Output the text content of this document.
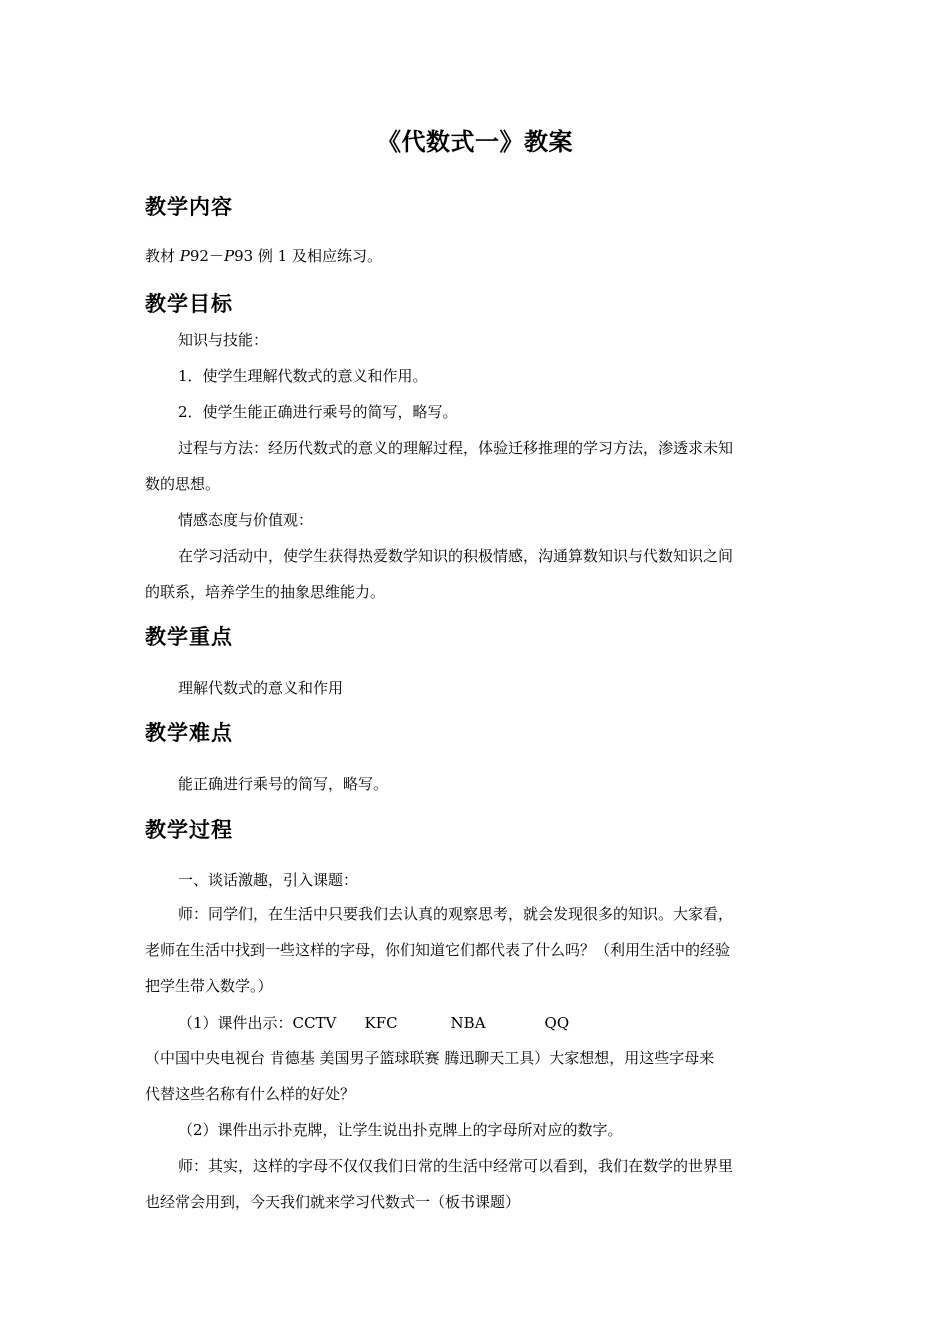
《代数式一》教案
教学内容
教材 P92－P93 例 1 及相应练习。
教学目标
知识与技能：
1．使学生理解代数式的意义和作用。
2．使学生能正确进行乘号的简写，略写。
过程与方法：经历代数式的意义的理解过程，体验迁移推理的学习方法，渗透求未知
数的思想。
情感态度与价值观：
在学习活动中，使学生获得热爱数学知识的积极情感，沟通算数知识与代数知识之间
的联系，培养学生的抽象思维能力。
教学重点
理解代数式的意义和作用
教学难点
能正确进行乘号的简写，略写。
教学过程
一、谈话激趣，引入课题：
师：同学们，在生活中只要我们去认真的观察思考，就会发现很多的知识。大家看，
老师在生活中找到一些这样的字母，你们知道它们都代表了什么吗？（利用生活中的经验
把学生带入数学。）
（1）课件出示：CCTV KFC	NBA	QQ
（中国中央电视台 肯德基 美国男子篮球联赛 腾迅聊天工具）大家想想，用这些字母来
代替这些名称有什么样的好处？
（2）课件出示扑克牌，让学生说出扑克牌上的字母所对应的数字。
师：其实，这样的字母不仅仅我们日常的生活中经常可以看到，我们在数学的世界里
也经常会用到，今天我们就来学习代数式一（板书课题）
